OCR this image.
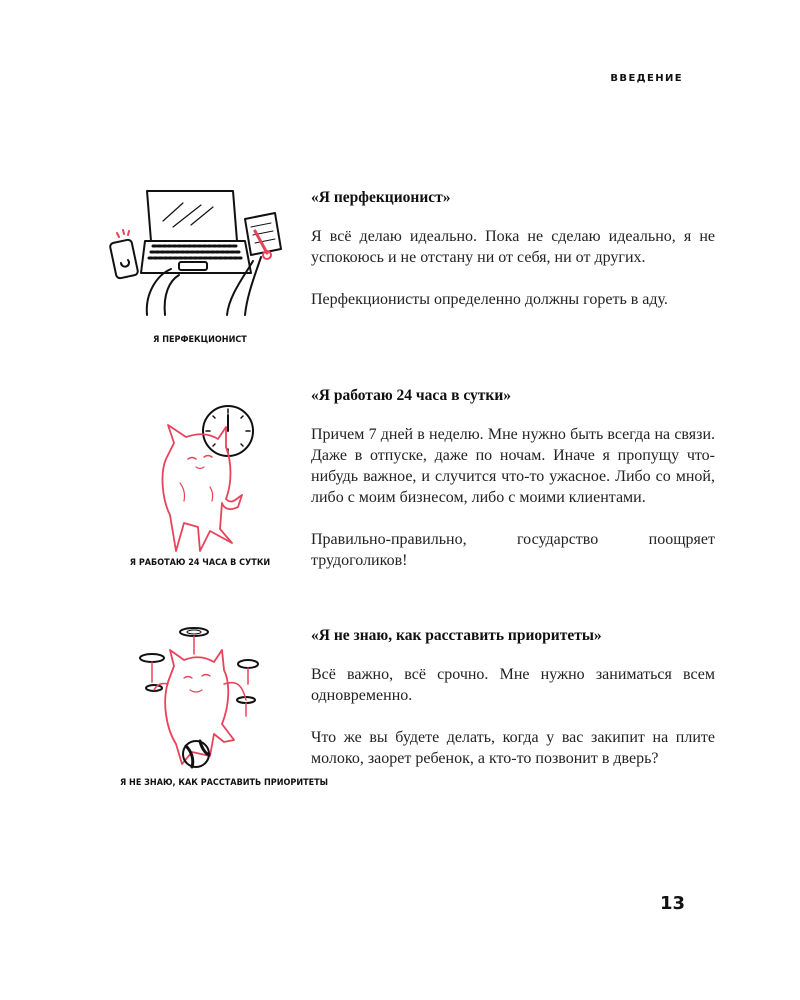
ВВЕДЕНИЕ
Я ПЕРФЕКЦИОНИСТ
Я РАБОТАЮ 24 ЧАСА В СУТКИ
Я НЕ ЗНАЮ, КАК РАССТАВИТЬ ПРИОРИТЕТЫ
«Я перфекционист»
Я всё делаю идеально. Пока не сделаю идеально, я не успокоюсь и не отстану ни от себя, ни от других.
Перфекционисты определенно должны гореть в аду.
«Я работаю 24 часа в сутки»
Причем 7 дней в неделю. Мне нужно быть всегда на связи. Даже в отпуске, даже по ночам. Иначе я пропущу что-нибудь важное, и случится что-то ужасное. Либо со мной, либо с моим бизнесом, либо с моими клиентами.
Правильно-правильно, государство поощряет трудоголиков!
«Я не знаю, как расставить приоритеты»
Всё важно, всё срочно. Мне нужно заниматься всем одновременно.
Что же вы будете делать, когда у вас закипит на плите молоко, заорет ребенок, а кто-то позвонит в дверь?
13
